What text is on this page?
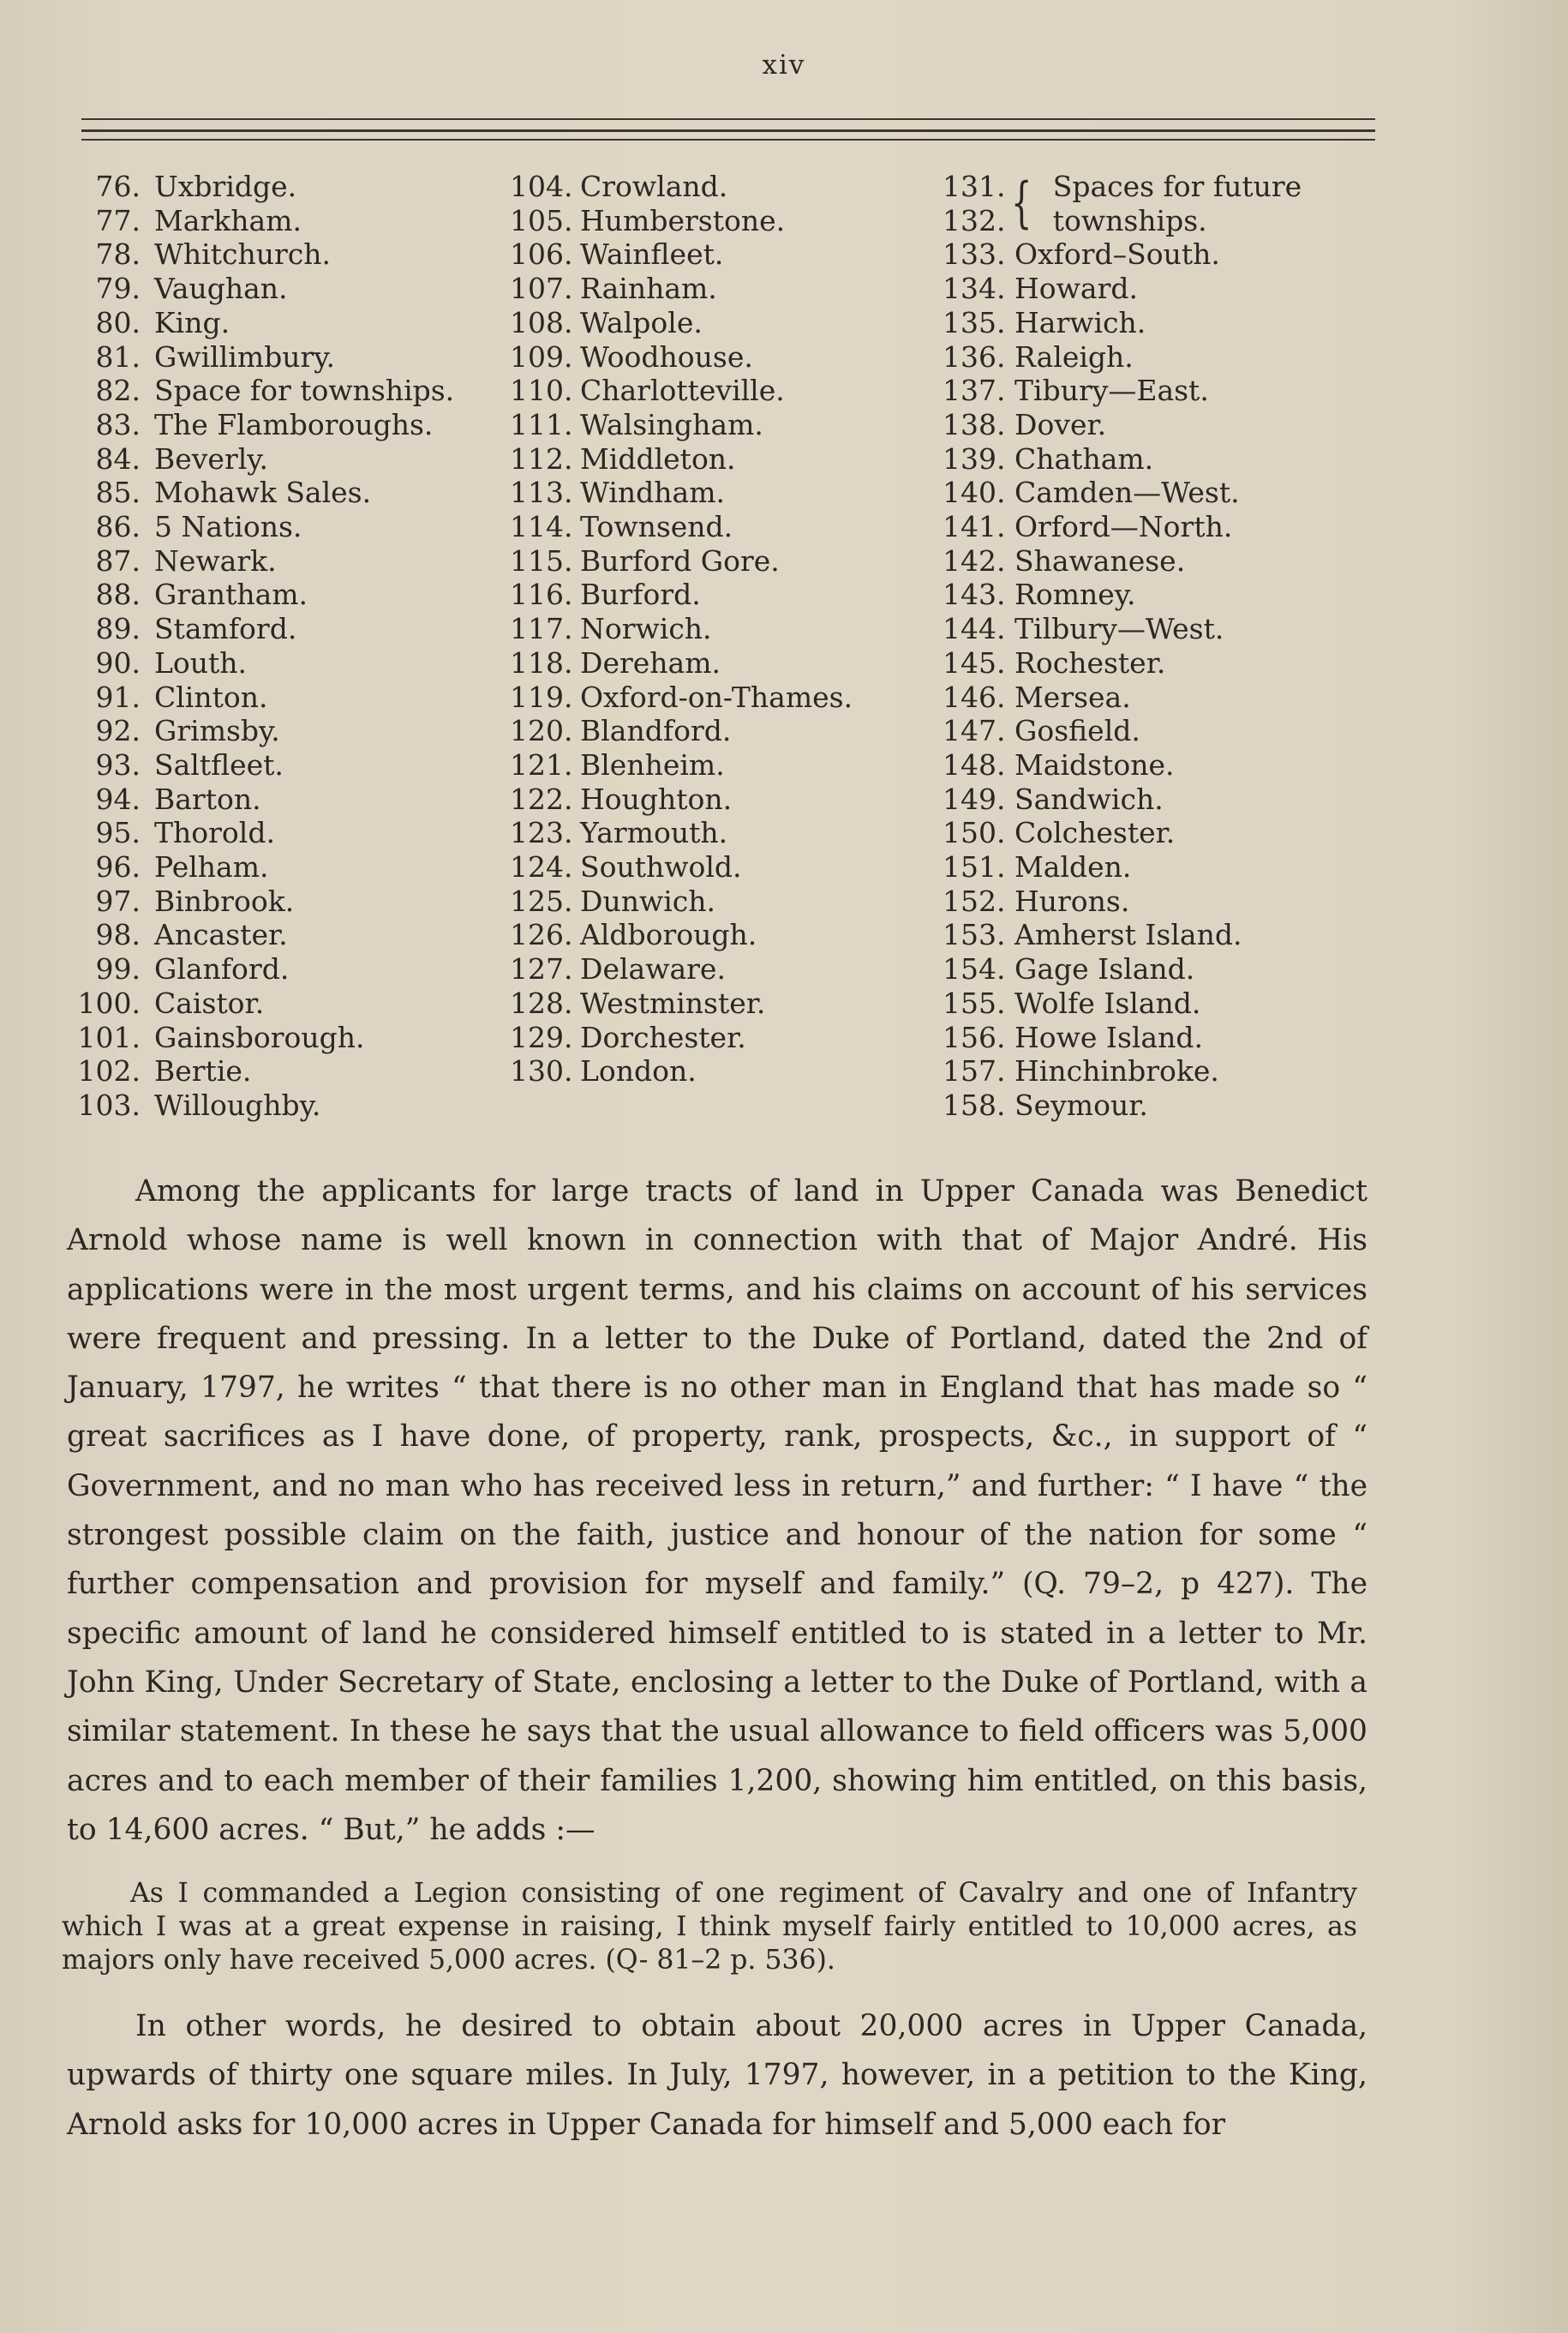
xiv
76. Uxbridge.
77. Markham.
78. Whitchurch.
79. Vaughan.
80. King.
81. Gwillimbury.
82. Space for townships.
83. The Flamboroughs.
84. Beverly.
85. Mohawk Sales.
86. 5 Nations.
87. Newark.
88. Grantham.
89. Stamford.
90. Louth.
91. Clinton.
92. Grimsby.
93. Saltfleet.
94. Barton.
95. Thorold.
96. Pelham.
97. Binbrook.
98. Ancaster.
99. Glanford.
100. Caistor.
101. Gainsborough.
102. Bertie.
103. Willoughby.
104. Crowland.
105. Humberstone.
106. Wainfleet.
107. Rainham.
108. Walpole.
109. Woodhouse.
110. Charlotteville.
111. Walsingham.
112. Middleton.
113. Windham.
114. Townsend.
115. Burford Gore.
116. Burford.
117. Norwich.
118. Dereham.
119. Oxford-on-Thames.
120. Blandford.
121. Blenheim.
122. Houghton.
123. Yarmouth.
124. Southwold.
125. Dunwich.
126. Aldborough.
127. Delaware.
128. Westminster.
129. Dorchester.
130. London.
131.
132. { Spaces for future
townships.
133. Oxford–South.
134. Howard.
135. Harwich.
136. Raleigh.
137. Tibury—East.
138. Dover.
139. Chatham.
140. Camden—West.
141. Orford—North.
142. Shawanese.
143. Romney.
144. Tilbury—West.
145. Rochester.
146. Mersea.
147. Gosfield.
148. Maidstone.
149. Sandwich.
150. Colchester.
151. Malden.
152. Hurons.
153. Amherst Island.
154. Gage Island.
155. Wolfe Island.
156. Howe Island.
157. Hinchinbroke.
158. Seymour.

Among the applicants for large tracts of land in Upper Canada was Benedict Arnold whose name is well known in connection with that of Major André. His applications were in the most urgent terms, and his claims on account of his services were frequent and pressing. In a letter to the Duke of Portland, dated the 2nd of January, 1797, he writes “ that there is no other man in England that has made so “ great sacrifices as I have done, of property, rank, prospects, &c., in support of “ Government, and no man who has received less in return,” and further: “ I have “ the strongest possible claim on the faith, justice and honour of the nation for some “ further compensation and provision for myself and family.” (Q. 79–2, p 427). The specific amount of land he considered himself entitled to is stated in a letter to Mr. John King, Under Secretary of State, enclosing a letter to the Duke of Portland, with a similar statement. In these he says that the usual allowance to field officers was 5,000 acres and to each member of their families 1,200, showing him entitled, on this basis, to 14,600 acres. “ But,” he adds :—

As I commanded a Legion consisting of one regiment of Cavalry and one of Infantry which I was at a great expense in raising, I think myself fairly entitled to 10,000 acres, as majors only have received 5,000 acres. (Q- 81–2 p. 536).

In other words, he desired to obtain about 20,000 acres in Upper Canada, upwards of thirty one square miles. In July, 1797, however, in a petition to the King, Arnold asks for 10,000 acres in Upper Canada for himself and 5,000 each for
